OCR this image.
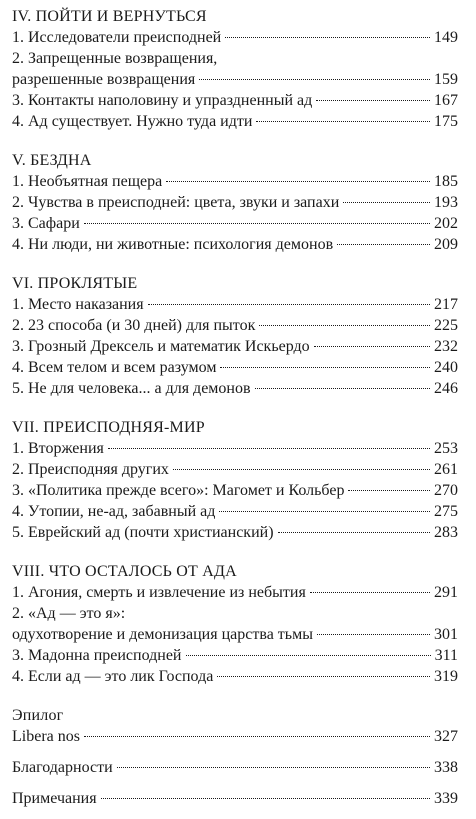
IV. ПОЙТИ И ВЕРНУТЬСЯ
1. Исследователи преисподней	149
2. Запрещенные возвращения,
разрешенные возвращения	159
3. Контакты наполовину и упраздненный ад	167
4. Ад существует. Нужно туда идти	175
V. БЕЗДНА
1. Необъятная пещера	185
2. Чувства в преисподней: цвета, звуки и запахи	193
3. Сафари	202
4. Ни люди, ни животные: психология демонов	209
VI. ПРОКЛЯТЫЕ
1. Место наказания	217
2. 23 способа (и 30 дней) для пыток	225
3. Грозный Дрексель и математик Искьердо	232
4. Всем телом и всем разумом	240
5. Не для человека... а для демонов	246
VII. ПРЕИСПОДНЯЯ-МИР
1. Вторжения	253
2. Преисподняя других	261
3. «Политика прежде всего»: Магомет и Кольбер	270
4. Утопии, не-ад, забавный ад	275
5. Еврейский ад (почти христианский)	283
VIII. ЧТО ОСТАЛОСЬ ОТ АДА
1. Агония, смерть и извлечение из небытия	291
2. «Ад — это я»:
одухотворение и демонизация царства тьмы	301
3. Мадонна преисподней	311
4. Если ад — это лик Господа	319
Эпилог
Libera nos	327
Благодарности	338
Примечания	339
